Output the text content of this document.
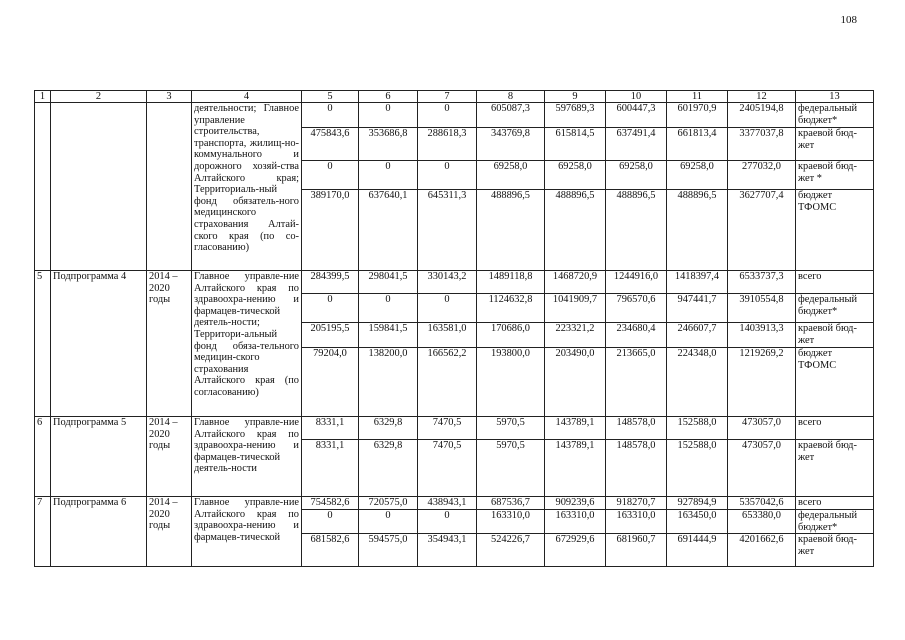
108
1	2	3	4	5	6	7	8	9	10	11	12	13
			деятельности; Главное управление строительства, транспорта, жилищ-но-коммунального и дорожного хозяй-ства Алтайского края; Территориаль-ный фонд обязатель-ного медицинского страхования Алтай-ского края (по со-гласованию)	0	0	0	605087,3	597689,3	600447,3	601970,9	2405194,8	федеральный бюджет*
				475843,6	353686,8	288618,3	343769,8	615814,5	637491,4	661813,4	3377037,8	краевой бюд-жет
				0	0	0	69258,0	69258,0	69258,0	69258,0	277032,0	краевой бюд-жет *
				389170,0	637640,1	645311,3	488896,5	488896,5	488896,5	488896,5	3627707,4	бюджет ТФОМС
5	Подпрограмма 4	2014 – 2020 годы	Главное управле-ние Алтайского края по здравоохра-нению и фармацев-тической деятель-ности; Территори-альный фонд обяза-тельного медицин-ского страхования Алтайского края (по согласованию)	284399,5	298041,5	330143,2	1489118,8	1468720,9	1244916,0	1418397,4	6533737,3	всего
				0	0	0	1124632,8	1041909,7	796570,6	947441,7	3910554,8	федеральный бюджет*
				205195,5	159841,5	163581,0	170686,0	223321,2	234680,4	246607,7	1403913,3	краевой бюд-жет
				79204,0	138200,0	166562,2	193800,0	203490,0	213665,0	224348,0	1219269,2	бюджет ТФОМС
6	Подпрограмма 5	2014 – 2020 годы	Главное управле-ние Алтайского края по здравоохра-нению и фармацев-тической деятель-ности	8331,1	6329,8	7470,5	5970,5	143789,1	148578,0	152588,0	473057,0	всего
				8331,1	6329,8	7470,5	5970,5	143789,1	148578,0	152588,0	473057,0	краевой бюд-жет
7	Подпрограмма 6	2014 – 2020 годы	Главное управле-ние Алтайского края по здравоохра-нению и фармацев-тической	754582,6	720575,0	438943,1	687536,7	909239,6	918270,7	927894,9	5357042,6	всего
				0	0	0	163310,0	163310,0	163310,0	163450,0	653380,0	федеральный бюджет*
				681582,6	594575,0	354943,1	524226,7	672929,6	681960,7	691444,9	4201662,6	краевой бюд-жет
